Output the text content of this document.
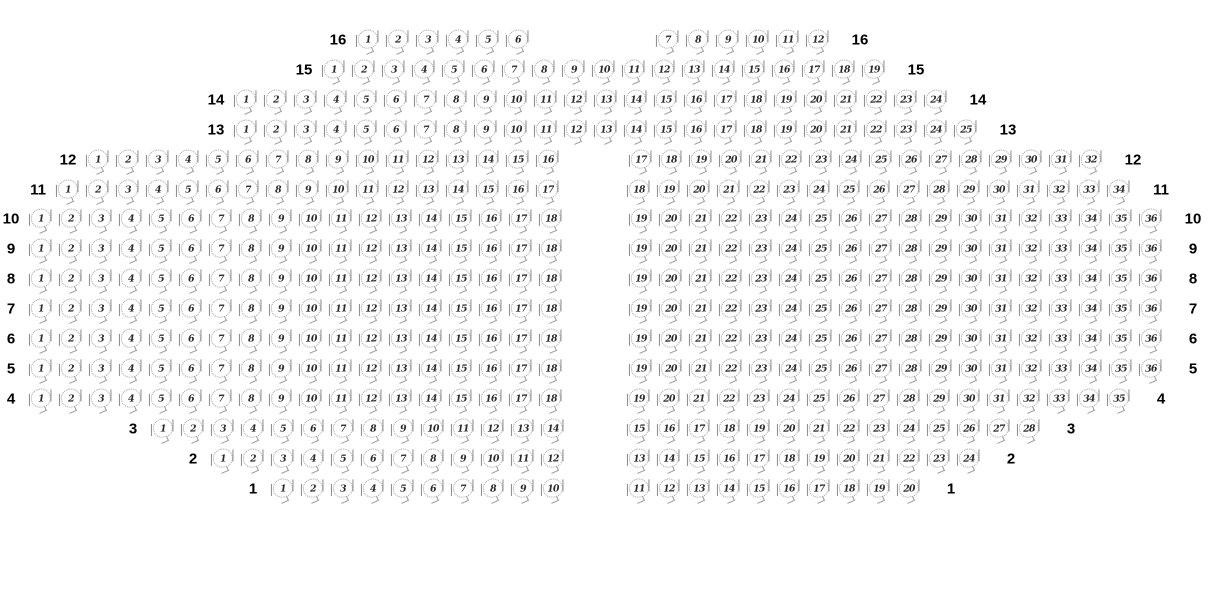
1	2	3	4	5	6	7	8	9	10	11	12
16	16
1	2	3	4	5	6	7	8	9	10	11	12	13	14	15	16	17	18	19
15	15
1	2	3	4	5	6	7	8	9	10	11	12	13	14	15	16	17	18	19	20	21	22	23	24
14	14
1	2	3	4	5	6	7	8	9	10	11	12	13	14	15	16	17	18	19	20	21	22	23	24	25
13	13
1	2	3	4	5	6	7	8	9	10	11	12	13	14	15	16	17	18	19	20	21	22	23	24	25	26	27	28	29	30	31	32
12	12
1	2	3	4	5	6	7	8	9	10	11	12	13	14	15	16	17	18	19	20	21	22	23	24	25	26	27	28	29	30	31	32	33	34
11	11
1	2	3	4	5	6	7	8	9	10	11	12	13	14	15	16	17	18	19	20	21	22	23	24	25	26	27	28	29	30	31	32	33	34	35	36
10	10
1	2	3	4	5	6	7	8	9	10	11	12	13	14	15	16	17	18	19	20	21	22	23	24	25	26	27	28	29	30	31	32	33	34	35	36
9	9
1	2	3	4	5	6	7	8	9	10	11	12	13	14	15	16	17	18	19	20	21	22	23	24	25	26	27	28	29	30	31	32	33	34	35	36
8	8
1	2	3	4	5	6	7	8	9	10	11	12	13	14	15	16	17	18	19	20	21	22	23	24	25	26	27	28	29	30	31	32	33	34	35	36
7	7
1	2	3	4	5	6	7	8	9	10	11	12	13	14	15	16	17	18	19	20	21	22	23	24	25	26	27	28	29	30	31	32	33	34	35	36
6	6
1	2	3	4	5	6	7	8	9	10	11	12	13	14	15	16	17	18	19	20	21	22	23	24	25	26	27	28	29	30	31	32	33	34	35	36
5	5
1	2	3	4	5	6	7	8	9	10	11	12	13	14	15	16	17	18	19	20	21	22	23	24	25	26	27	28	29	30	31	32	33	34	35
4	4
1	2	3	4	5	6	7	8	9	10	11	12	13	14	15	16	17	18	19	20	21	22	23	24	25	26	27	28
3	3
1	2	3	4	5	6	7	8	9	10	11	12	13	14	15	16	17	18	19	20	21	22	23	24
2	2
1	2	3	4	5	6	7	8	9	10	11	12	13	14	15	16	17	18	19	20
1	1
